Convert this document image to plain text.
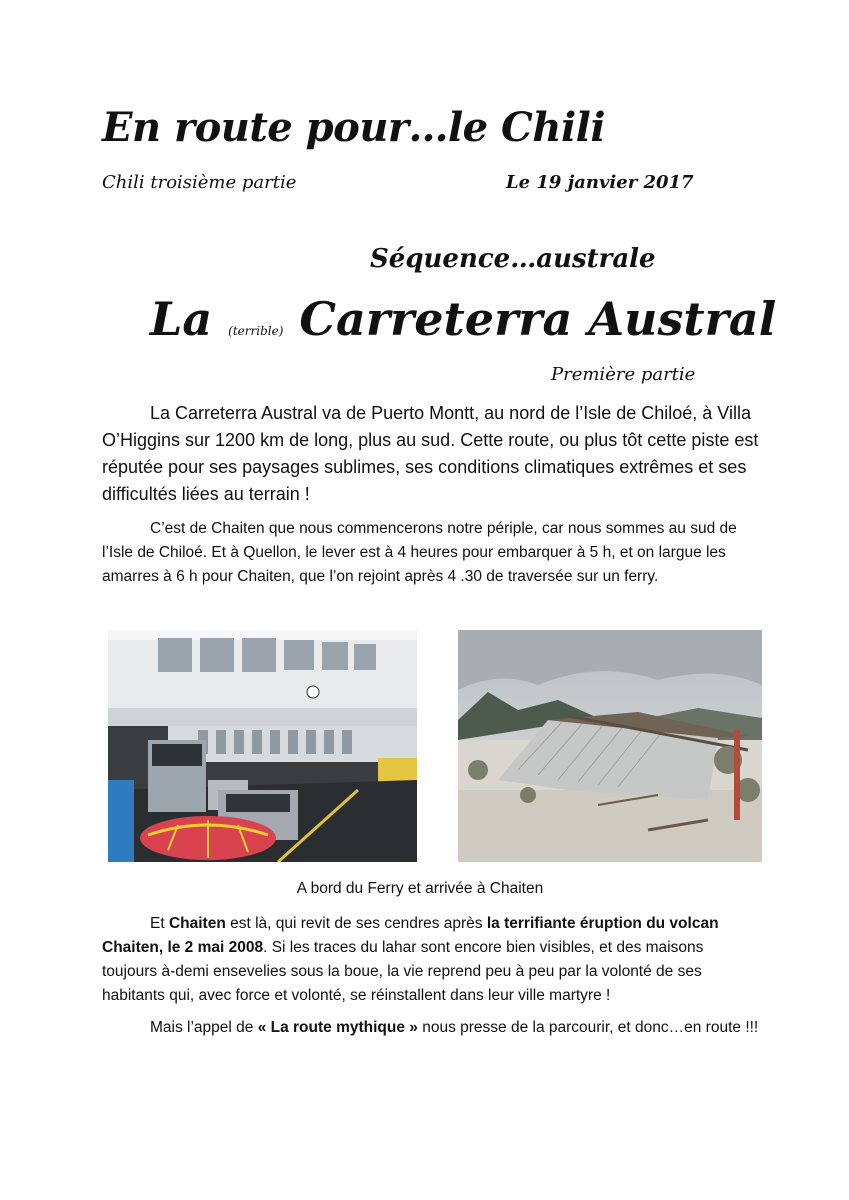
En route pour…le Chili
Chili troisième partie	Le 19 janvier 2017
Séquence…australe
La (terrible) Carreterra Austral
Première partie

La Carreterra Austral va de Puerto Montt, au nord de l’Isle de Chiloé, à Villa O’Higgins sur 1200 km de long, plus au sud. Cette route, ou plus tôt cette piste est réputée pour ses paysages sublimes, ses conditions climatiques extrêmes et ses difficultés liées au terrain !

C’est de Chaiten que nous commencerons notre périple, car nous sommes au sud de l’Isle de Chiloé. Et à Quellon, le lever est à 4 heures pour embarquer à 5 h, et on largue les amarres à 6 h pour Chaiten, que l’on rejoint après 4 .30 de traversée sur un ferry.

A bord du Ferry et arrivée à Chaiten

Et Chaiten est là, qui revit de ses cendres après la terrifiante éruption du volcan Chaiten, le 2 mai 2008. Si les traces du lahar sont encore bien visibles, et des maisons toujours à-demi ensevelies sous la boue, la vie reprend peu à peu par la volonté de ses habitants qui, avec force et volonté, se réinstallent dans leur ville martyre !

Mais l’appel de « La route mythique » nous presse de la parcourir, et donc…en route !!!
